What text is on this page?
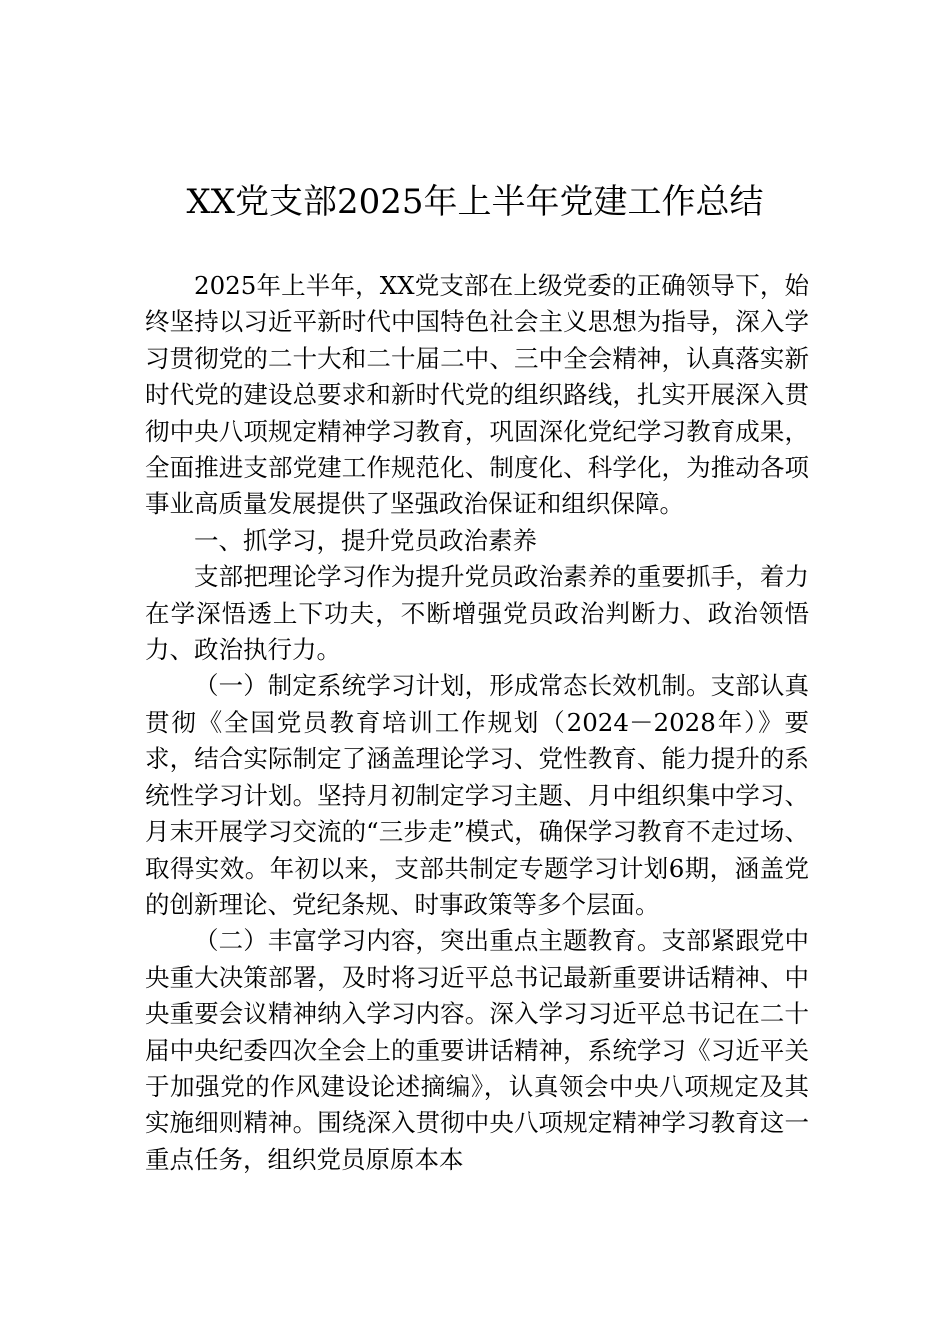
XX党支部2025年上半年党建工作总结

2025年上半年，XX党支部在上级党委的正确领导下，始终坚持以习近平新时代中国特色社会主义思想为指导，深入学习贯彻党的二十大和二十届二中、三中全会精神，认真落实新时代党的建设总要求和新时代党的组织路线，扎实开展深入贯彻中央八项规定精神学习教育，巩固深化党纪学习教育成果，全面推进支部党建工作规范化、制度化、科学化，为推动各项事业高质量发展提供了坚强政治保证和组织保障。

一、抓学习，提升党员政治素养

支部把理论学习作为提升党员政治素养的重要抓手，着力在学深悟透上下功夫，不断增强党员政治判断力、政治领悟力、政治执行力。

（一）制定系统学习计划，形成常态长效机制。支部认真贯彻《全国党员教育培训工作规划（2024－2028年）》要求，结合实际制定了涵盖理论学习、党性教育、能力提升的系统性学习计划。坚持月初制定学习主题、月中组织集中学习、月末开展学习交流的“三步走”模式，确保学习教育不走过场、取得实效。年初以来，支部共制定专题学习计划6期，涵盖党的创新理论、党纪条规、时事政策等多个层面。

（二）丰富学习内容，突出重点主题教育。支部紧跟党中央重大决策部署，及时将习近平总书记最新重要讲话精神、中央重要会议精神纳入学习内容。深入学习习近平总书记在二十届中央纪委四次全会上的重要讲话精神，系统学习《习近平关于加强党的作风建设论述摘编》，认真领会中央八项规定及其实施细则精神。围绕深入贯彻中央八项规定精神学习教育这一重点任务，组织党员原原本本
